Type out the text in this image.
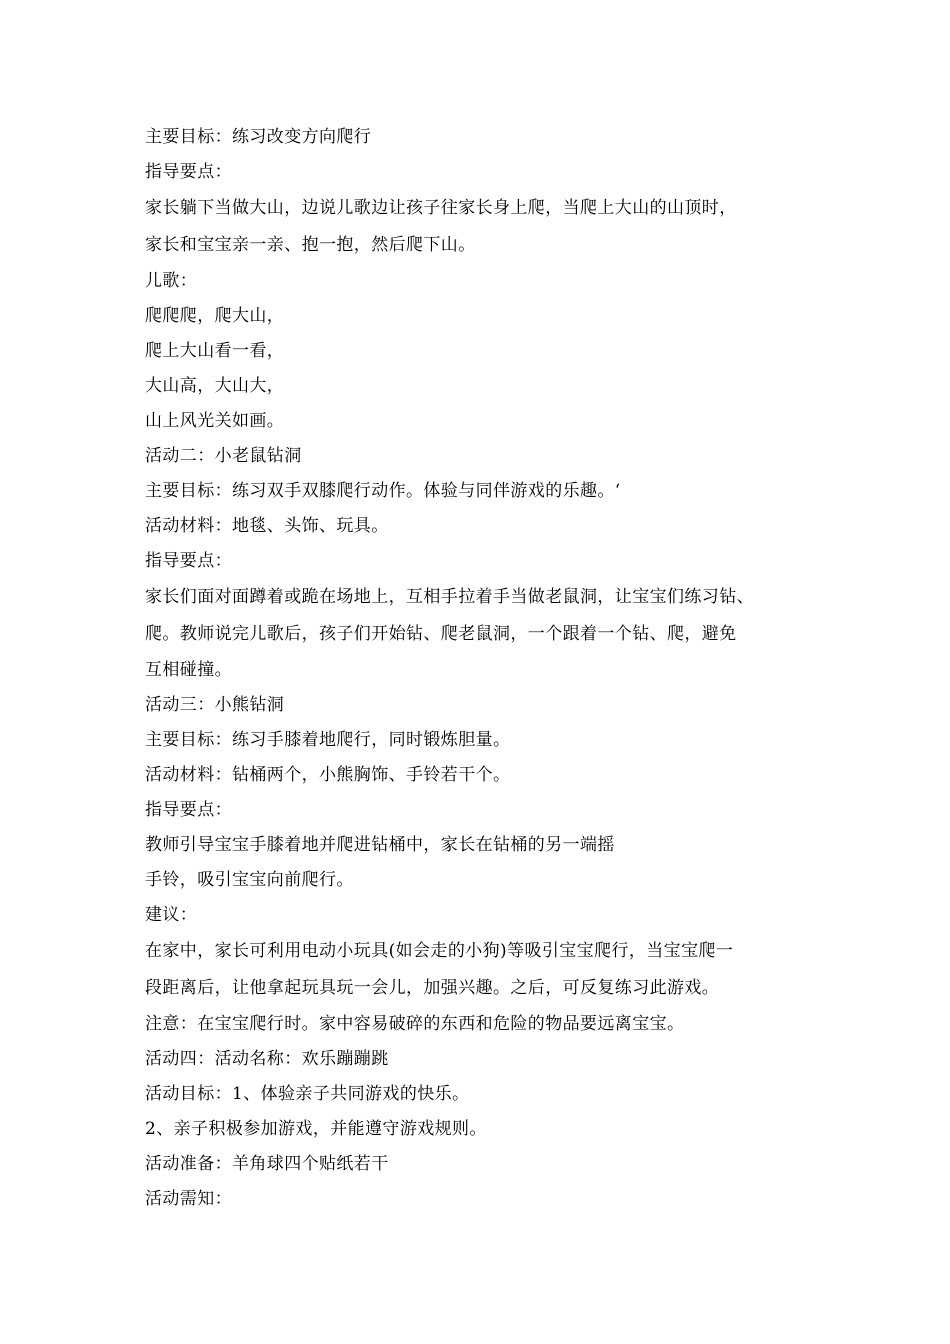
主要目标：练习改变方向爬行
指导要点：
家长躺下当做大山，边说儿歌边让孩子往家长身上爬，当爬上大山的山顶时，
家长和宝宝亲一亲、抱一抱，然后爬下山。
儿歌：
爬爬爬，爬大山，
爬上大山看一看，
大山高，大山大，
山上风光关如画。
活动二：小老鼠钻洞
主要目标：练习双手双膝爬行动作。体验与同伴游戏的乐趣。‘
活动材料：地毯、头饰、玩具。
指导要点：
家长们面对面蹲着或跪在场地上，互相手拉着手当做老鼠洞，让宝宝们练习钻、
爬。教师说完儿歌后，孩子们开始钻、爬老鼠洞，一个跟着一个钻、爬，避免
互相碰撞。
活动三：小熊钻洞
主要目标：练习手膝着地爬行，同时锻炼胆量。
活动材料：钻桶两个，小熊胸饰、手铃若干个。
指导要点：
教师引导宝宝手膝着地并爬进钻桶中，家长在钻桶的另一端摇
手铃，吸引宝宝向前爬行。
建议：
在家中，家长可利用电动小玩具(如会走的小狗)等吸引宝宝爬行，当宝宝爬一
段距离后，让他拿起玩具玩一会儿，加强兴趣。之后，可反复练习此游戏。
注意：在宝宝爬行时。家中容易破碎的东西和危险的物品要远离宝宝。
活动四：活动名称：欢乐蹦蹦跳
活动目标：1、体验亲子共同游戏的快乐。
2、亲子积极参加游戏，并能遵守游戏规则。
活动准备：羊角球四个贴纸若干
活动需知：
